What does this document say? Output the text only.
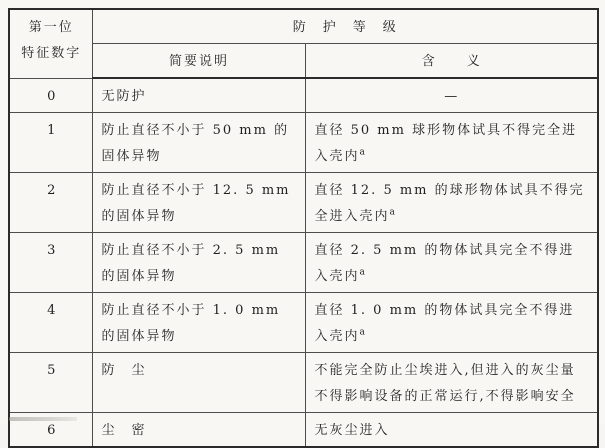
第一位
特征数字	防　护　等　级	
	简要说明	含　　义
0	无防护	—
1	防止直径不小于 50 mm 的固体异物	直径 50 mm 球形物体试具不得完全进入壳内$^a$
2	防止直径不小于 12. 5 mm 的固体异物	直径 12. 5 mm 的球形物体试具不得完全进入壳内$^a$
3	防止直径不小于 2. 5 mm 的固体异物	直径 2. 5 mm 的物体试具完全不得进入壳内$^a$
4	防止直径不小于 1. 0 mm 的固体异物	直径 1. 0 mm 的物体试具完全不得进入壳内$^a$
5	防　尘	不能完全防止尘埃进入,但进入的灰尘量不得影响设备的正常运行,不得影响安全
6	尘　密	无灰尘进入
